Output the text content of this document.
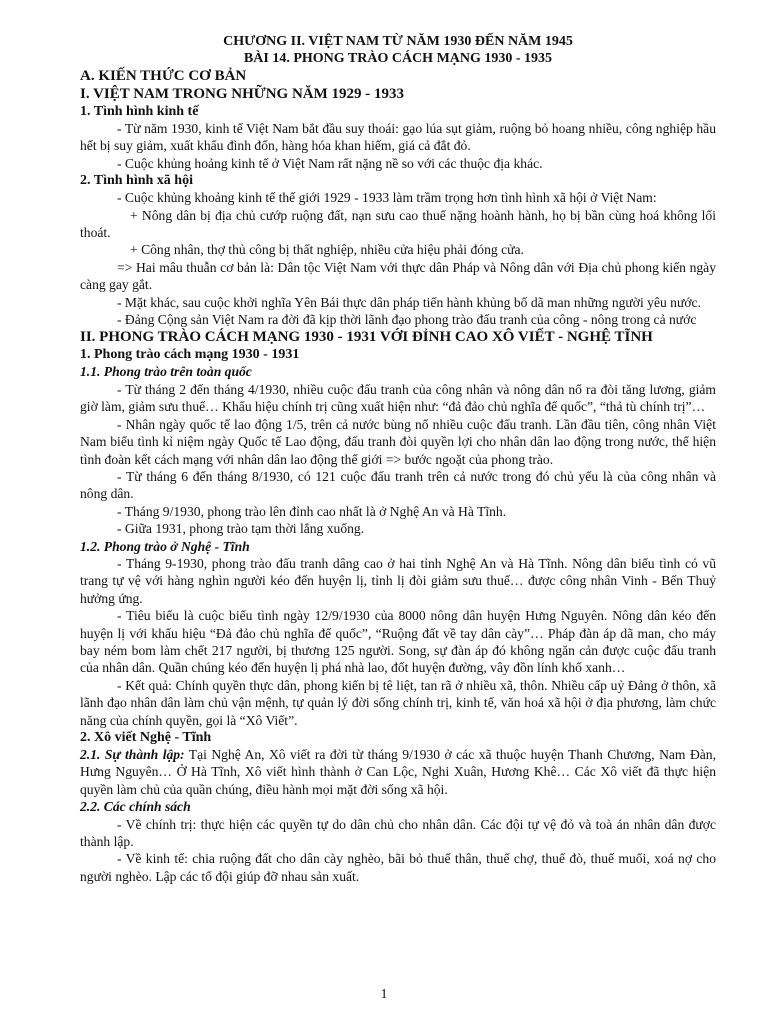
CHƯƠNG II. VIỆT NAM TỪ NĂM 1930 ĐẾN NĂM 1945

BÀI 14. PHONG TRÀO CÁCH MẠNG 1930 - 1935

A. KIẾN THỨC CƠ BẢN

I. VIỆT NAM TRONG NHỮNG NĂM 1929 - 1933

1. Tình hình kinh tế

- Từ năm 1930, kinh tế Việt Nam bắt đầu suy thoái: gạo lúa sụt giảm, ruộng bỏ hoang nhiều, công nghiệp hầu hết bị suy giảm, xuất khẩu đình đốn, hàng hóa khan hiếm, giá cả đắt đỏ.

- Cuộc khủng hoảng kinh tế ở Việt Nam rất nặng nề so với các thuộc địa khác.

2. Tình hình xã hội

- Cuộc khủng khoảng kinh tế thế giới 1929 - 1933 làm trầm trọng hơn tình hình xã hội ở Việt Nam:

+ Nông dân bị địa chủ cướp ruộng đất, nạn sưu cao thuế nặng hoành hành, họ bị bần cùng hoá không lối thoát.

+ Công nhân, thợ thủ công bị thất nghiệp, nhiều cửa hiệu phải đóng cửa.

=> Hai mâu thuẫn cơ bản là: Dân tộc Việt Nam với thực dân Pháp và Nông dân với Địa chủ phong kiến ngày càng gay gắt.

- Mặt khác, sau cuộc khởi nghĩa Yên Bái thực dân pháp tiến hành khủng bố dã man những người yêu nước.

- Đảng Cộng sản Việt Nam ra đời đã kịp thời lãnh đạo phong trào đấu tranh của công - nông trong cả nước

II. PHONG TRÀO CÁCH MẠNG 1930 - 1931 VỚI ĐỈNH CAO XÔ VIẾT - NGHỆ TĨNH

1. Phong trào cách mạng 1930 - 1931

1.1. Phong trào trên toàn quốc

- Từ tháng 2 đến tháng 4/1930, nhiều cuộc đấu tranh của công nhân và nông dân nổ ra đòi tăng lương, giảm giờ làm, giảm sưu thuế… Khẩu hiệu chính trị cũng xuất hiện như: “đả đảo chủ nghĩa đế quốc”, “thả tù chính trị”…

- Nhân ngày quốc tế lao động 1/5, trên cả nước bùng nổ nhiều cuộc đấu tranh. Lần đầu tiên, công nhân Việt Nam biểu tình kỉ niệm ngày Quốc tế Lao động, đấu tranh đòi quyền lợi cho nhân dân lao động trong nước, thể hiện tình đoàn kết cách mạng với nhân dân lao động thế giới => bước ngoặt của phong trào.

- Từ tháng 6 đến tháng 8/1930, có 121 cuộc đấu tranh trên cả nước trong đó chủ yếu là của công nhân và nông dân.

- Tháng 9/1930, phong trào lên đỉnh cao nhất là ở Nghệ An và Hà Tĩnh.

- Giữa 1931, phong trào tạm thời lắng xuống.

1.2. Phong trào ở Nghệ - Tĩnh

- Tháng 9-1930, phong trào đấu tranh dâng cao ở hai tỉnh Nghệ An và Hà Tĩnh. Nông dân biểu tình có vũ trang tự vệ với hàng nghìn người kéo đến huyện lị, tỉnh lị đòi giảm sưu thuế… được công nhân Vinh - Bến Thuỷ hưởng ứng.

- Tiêu biểu là cuộc biểu tình ngày 12/9/1930 của 8000 nông dân huyện Hưng Nguyên. Nông dân kéo đến huyện lị với khẩu hiệu “Đả đảo chủ nghĩa đế quốc”, “Ruộng đất về tay dân cày”… Pháp đàn áp dã man, cho máy bay ném bom làm chết 217 người, bị thương 125 người. Song, sự đàn áp đó không ngăn cản được cuộc đấu tranh của nhân dân. Quần chúng kéo đến huyện lị phá nhà lao, đốt huyện đường, vây đồn lính khố xanh…

- Kết quả: Chính quyền thực dân, phong kiến bị tê liệt, tan rã ở nhiều xã, thôn. Nhiều cấp uỷ Đảng ở thôn, xã lãnh đạo nhân dân làm chủ vận mệnh, tự quản lý đời sống chính trị, kinh tế, văn hoá xã hội ở địa phương, làm chức năng của chính quyền, gọi là “Xô Viết”.

2. Xô viết Nghệ - Tĩnh

2.1. Sự thành lập: Tại Nghệ An, Xô viết ra đời từ tháng 9/1930 ở các xã thuộc huyện Thanh Chương, Nam Đàn, Hưng Nguyên… Ở Hà Tĩnh, Xô viết hình thành ở Can Lộc, Nghi Xuân, Hương Khê… Các Xô viết đã thực hiện quyền làm chủ của quần chúng, điều hành mọi mặt đời sống xã hội.

2.2. Các chính sách

- Về chính trị: thực hiện các quyền tự do dân chủ cho nhân dân. Các đội tự vệ đỏ và toà án nhân dân được thành lập.

- Về kinh tế: chia ruộng đất cho dân cày nghèo, bãi bỏ thuế thân, thuế chợ, thuế đò, thuế muối, xoá nợ cho người nghèo. Lập các tổ đội giúp đỡ nhau sản xuất.

1
